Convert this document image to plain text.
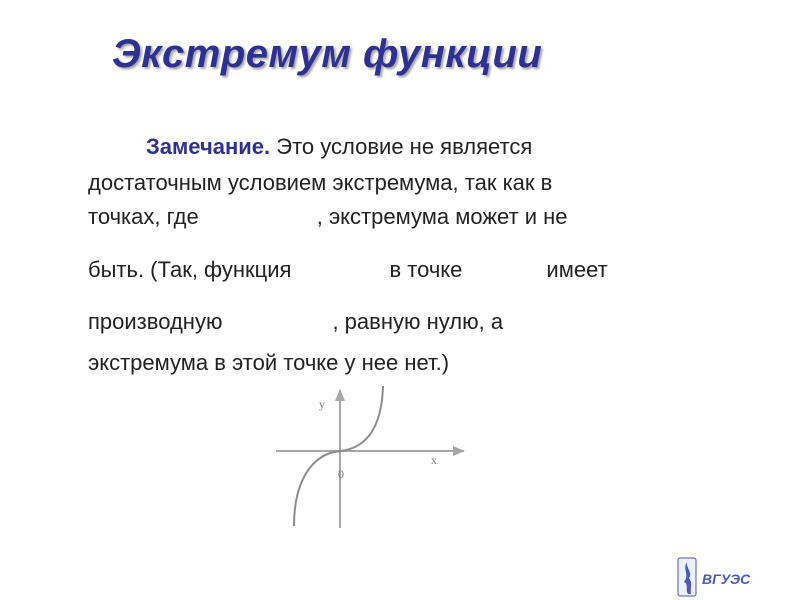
Экстремум функции
Замечание. Это условие не является
достаточным условием экстремума, так как в
точках, где	, экстремума может и не
быть. (Так, функция	в точке	имеет
производную	, равную нулю, а
экстремума в этой точке у нее нет.)
y
x
0
ВГУЭС
